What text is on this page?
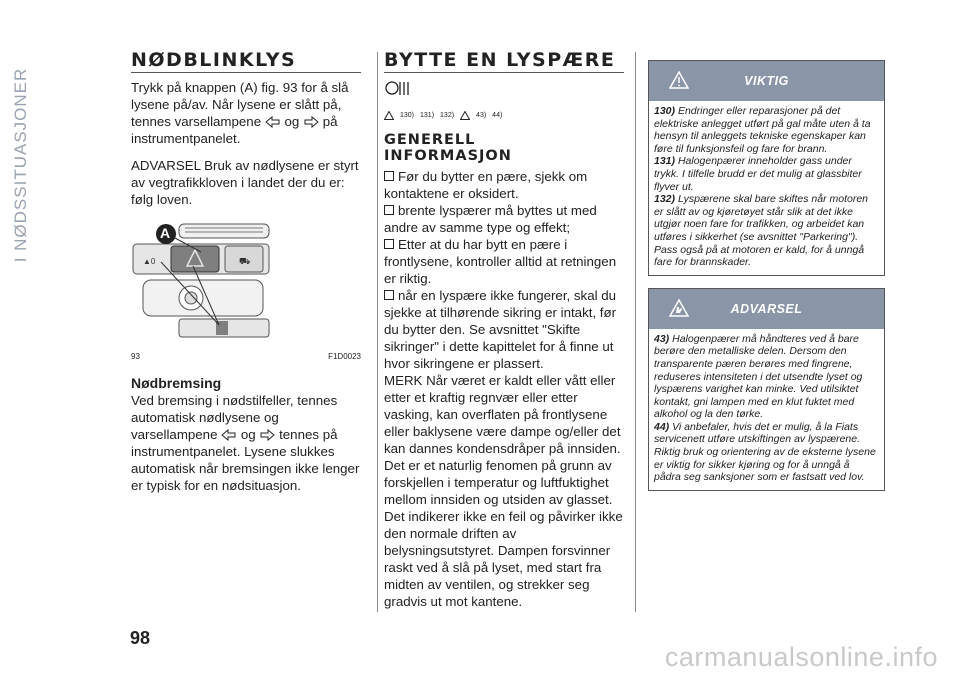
I NØDSSITUASJONER
NØDBLINKLYS

Trykk på knappen (A) fig. 93 for å slå lysene på/av. Når lysene er slått på, tennes varsellampene og på instrumentpanelet.

ADVARSEL Bruk av nødlysene er styrt av vegtrafikkloven i landet der du er: følg loven.

⛟
▲0
A
93	F1D0023
Nødbremsing

Ved bremsing i nødstilfeller, tennes automatisk nødlysene og varsellampene og tennes på instrumentpanelet. Lysene slukkes automatisk når bremsingen ikke lenger er typisk for en nødsituasjon.

BYTTE EN LYSPÆRE
130) 131) 132)	43) 44)
GENERELL INFORMASJON

Før du bytter en pære, sjekk om kontaktene er oksidert.

brente lyspærer må byttes ut med andre av samme type og effekt;

Etter at du har bytt en pære i frontlysene, kontroller alltid at retningen er riktig.

når en lyspære ikke fungerer, skal du sjekke at tilhørende sikring er intakt, før du bytter den. Se avsnittet "Skifte sikringer" i dette kapittelet for å finne ut hvor sikringene er plassert.

MERK Når været er kaldt eller vått eller etter et kraftig regnvær eller etter vasking, kan overflaten på frontlysene eller baklysene være dampe og/eller det kan dannes kondensdråper på innsiden. Det er et naturlig fenomen på grunn av forskjellen i temperatur og luftfuktighet mellom innsiden og utsiden av glasset. Det indikerer ikke en feil og påvirker ikke den normale driften av belysningsutstyret. Dampen forsvinner raskt ved å slå på lyset, med start fra midten av ventilen, og strekker seg gradvis ut mot kantene.

VIKTIG
130) Endringer eller reparasjoner på det elektriske anlegget utført på gal måte uten å ta hensyn til anleggets tekniske egenskaper kan føre til funksjonsfeil og fare for brann.
131) Halogenpærer inneholder gass under trykk. I tilfelle brudd er det mulig at glassbiter flyver ut.
132) Lyspærene skal bare skiftes når motoren er slått av og kjøretøyet står slik at det ikke utgjør noen fare for trafikken, og arbeidet kan utføres i sikkerhet (se avsnittet "Parkering"). Pass også på at motoren er kald, for å unngå fare for brannskader.
ADVARSEL
43) Halogenpærer må håndteres ved å bare berøre den metalliske delen. Dersom den transparente pæren berøres med fingrene, reduseres intensiteten i det utsendte lyset og lyspærens varighet kan minke. Ved utilsiktet kontakt, gni lampen med en klut fuktet med alkohol og la den tørke.
44) Vi anbefaler, hvis det er mulig, å la Fiats servicenett utføre utskiftingen av lyspærene. Riktig bruk og orientering av de eksterne lysene er viktig for sikker kjøring og for å unngå å pådra seg sanksjoner som er fastsatt ved lov.
98
carmanualsonline.info
